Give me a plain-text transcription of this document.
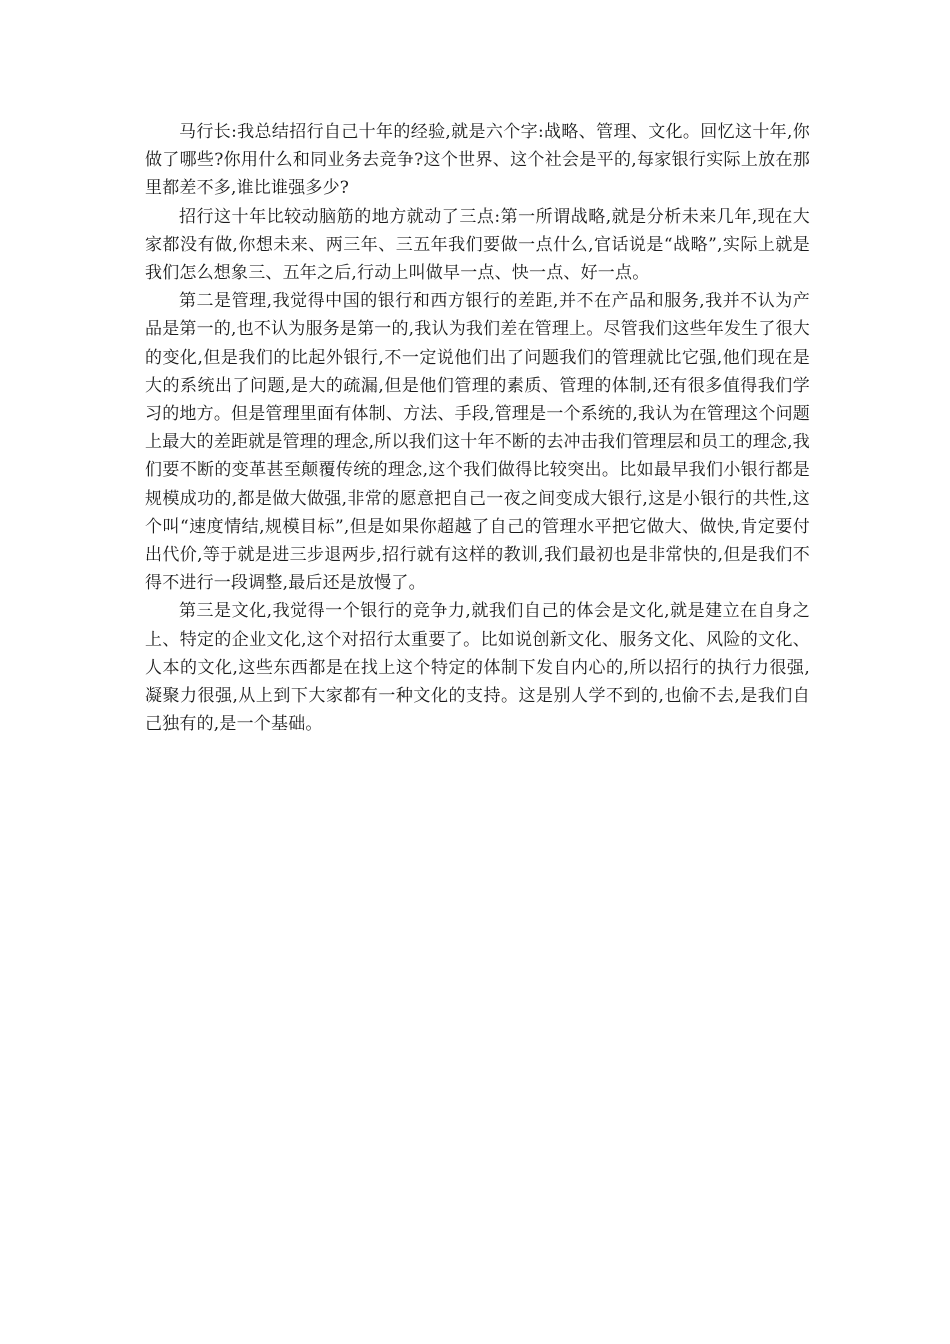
马行长:我总结招行自己十年的经验,就是六个字:战略、管理、文化。回忆这十年,你做了哪些?你用什么和同业务去竞争?这个世界、这个社会是平的,每家银行实际上放在那里都差不多,谁比谁强多少?

招行这十年比较动脑筋的地方就动了三点:第一所谓战略,就是分析未来几年,现在大家都没有做,你想未来、两三年、三五年我们要做一点什么,官话说是“战略”,实际上就是我们怎么想象三、五年之后,行动上叫做早一点、快一点、好一点。

第二是管理,我觉得中国的银行和西方银行的差距,并不在产品和服务,我并不认为产品是第一的,也不认为服务是第一的,我认为我们差在管理上。尽管我们这些年发生了很大的变化,但是我们的比起外银行,不一定说他们出了问题我们的管理就比它强,他们现在是大的系统出了问题,是大的疏漏,但是他们管理的素质、管理的体制,还有很多值得我们学习的地方。但是管理里面有体制、方法、手段,管理是一个系统的,我认为在管理这个问题上最大的差距就是管理的理念,所以我们这十年不断的去冲击我们管理层和员工的理念,我们要不断的变革甚至颠覆传统的理念,这个我们做得比较突出。比如最早我们小银行都是规模成功的,都是做大做强,非常的愿意把自己一夜之间变成大银行,这是小银行的共性,这个叫“速度情结,规模目标”,但是如果你超越了自己的管理水平把它做大、做快,肯定要付出代价,等于就是进三步退两步,招行就有这样的教训,我们最初也是非常快的,但是我们不得不进行一段调整,最后还是放慢了。

第三是文化,我觉得一个银行的竞争力,就我们自己的体会是文化,就是建立在自身之上、特定的企业文化,这个对招行太重要了。比如说创新文化、服务文化、风险的文化、人本的文化,这些东西都是在找上这个特定的体制下发自内心的,所以招行的执行力很强,凝聚力很强,从上到下大家都有一种文化的支持。这是别人学不到的,也偷不去,是我们自己独有的,是一个基础。
